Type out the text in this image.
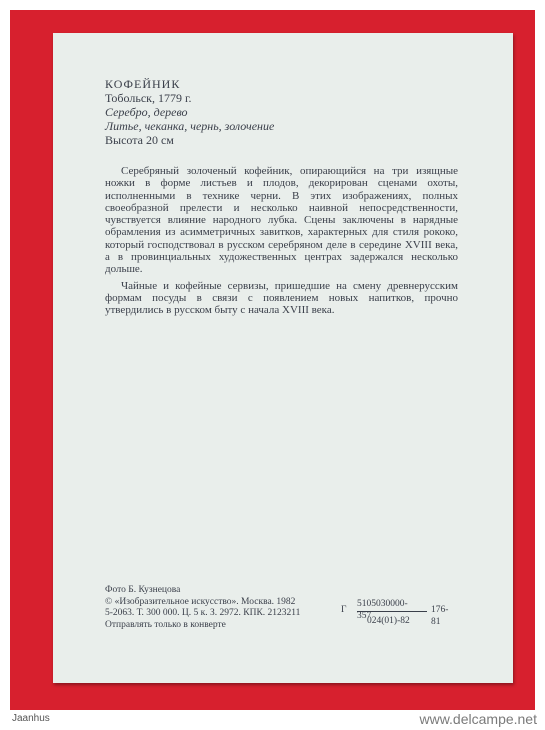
КОФЕЙНИК
Тобольск, 1779 г.
Серебро, дерево
Литье, чеканка, чернь, золочение
Высота 20 см

Серебряный золоченый кофейник, опирающийся на три изящные ножки в форме листьев и плодов, декорирован сценами охоты, исполненными в технике черни. В этих изображениях, полных своеобразной прелести и несколько наивной непосредственности, чувствуется влияние народного лубка. Сцены заключены в нарядные обрамления из асимметричных завитков, характерных для стиля рококо, который господствовал в русском серебряном деле в середине XVIII века, а в провинциальных художественных центрах задержался несколько дольше.

Чайные и кофейные сервизы, пришедшие на смену древнерусским формам посуды в связи с появлением новых напитков, прочно утвердились в русском быту с начала XVIII века.

Фото Б. Кузнецова
© «Изобразительное искусство». Москва. 1982
5-2063. Т. 300 000. Ц. 5 к. З. 2972. КПК. 2123211
Отправлять только в конверте
Г
5105030000-357
176-81
024(01)-82
Jaanhus	www.delcampe.net
